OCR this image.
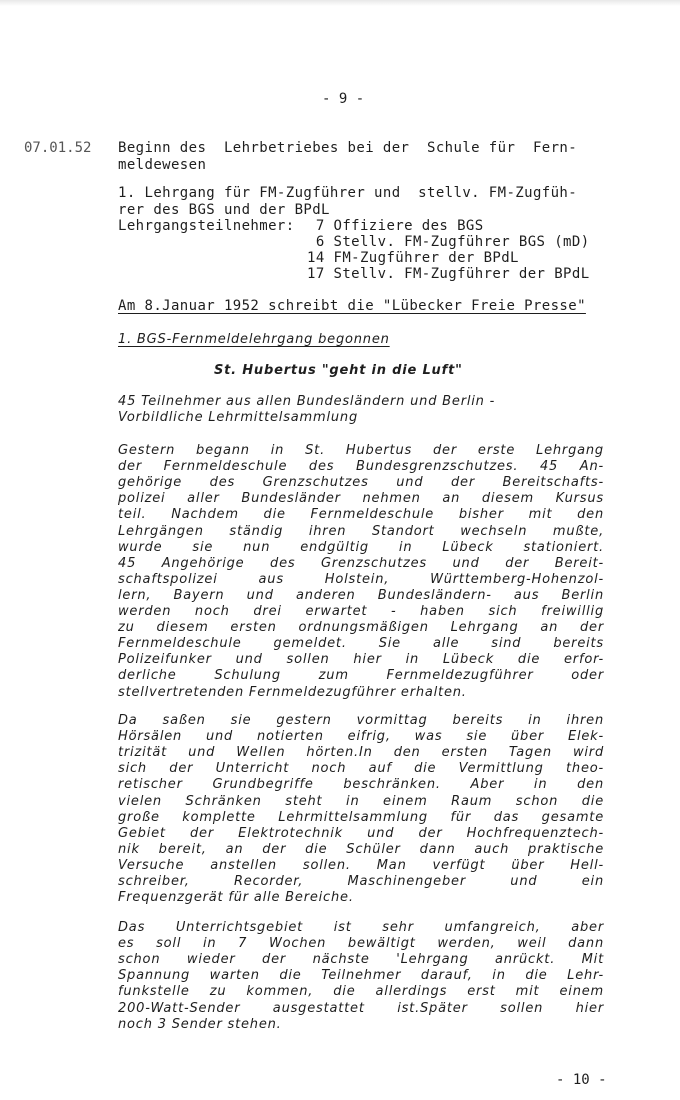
- 9 -
07.01.52 Beginn des  Lehrbetriebes bei der  Schule für  Fern-
meldewesen
1. Lehrgang für FM-Zugführer und  stellv. FM-Zugfüh-
rer des BGS und der BPdL
Lehrgangsteilnehmer: 7 Offiziere des BGS
6 Stellv. FM-Zugführer BGS (mD)
14 FM-Zugführer der BPdL
17 Stellv. FM-Zugführer der BPdL
Am 8.Januar 1952 schreibt die "Lübecker Freie Presse"
1. BGS-Fernmeldelehrgang begonnen
St. Hubertus "geht in die Luft"
45 Teilnehmer aus allen Bundesländern und Berlin -
Vorbildliche Lehrmittelsammlung
Gestern begann in St. Hubertus der erste Lehrgang
der Fernmeldeschule des Bundesgrenzschutzes. 45 An-
gehörige des Grenzschutzes und der Bereitschafts-
polizei aller Bundesländer nehmen an diesem Kursus
teil. Nachdem die Fernmeldeschule bisher mit den
Lehrgängen ständig ihren Standort wechseln mußte,
wurde sie nun endgültig in Lübeck stationiert.
45 Angehörige des Grenzschutzes und der Bereit-
schaftspolizei aus Holstein, Württemberg-Hohenzol-
lern, Bayern und anderen Bundesländern- aus Berlin
werden noch drei erwartet - haben sich freiwillig
zu diesem ersten ordnungsmäßigen Lehrgang an der
Fernmeldeschule gemeldet. Sie alle sind bereits
Polizeifunker und sollen hier in Lübeck die erfor-
derliche Schulung zum Fernmeldezugführer oder
stellvertretenden Fernmeldezugführer erhalten.
Da saßen sie gestern vormittag bereits in ihren
Hörsälen und notierten eifrig, was sie über Elek-
trizität und Wellen hörten.In den ersten Tagen wird
sich der Unterricht noch auf die Vermittlung theo-
retischer Grundbegriffe beschränken. Aber in den
vielen Schränken steht in einem Raum schon die
große komplette Lehrmittelsammlung für das gesamte
Gebiet der Elektrotechnik und der Hochfrequenztech-
nik bereit, an der die Schüler dann auch praktische
Versuche anstellen sollen. Man verfügt über Hell-
schreiber, Recorder, Maschinengeber und ein
Frequenzgerät für alle Bereiche.
Das Unterrichtsgebiet ist sehr umfangreich, aber
es soll in 7 Wochen bewältigt werden, weil dann
schon wieder der nächste 'Lehrgang anrückt. Mit
Spannung warten die Teilnehmer darauf, in die Lehr-
funkstelle zu kommen, die allerdings erst mit einem
200-Watt-Sender ausgestattet ist.Später sollen hier
noch 3 Sender stehen.
- 10 -
